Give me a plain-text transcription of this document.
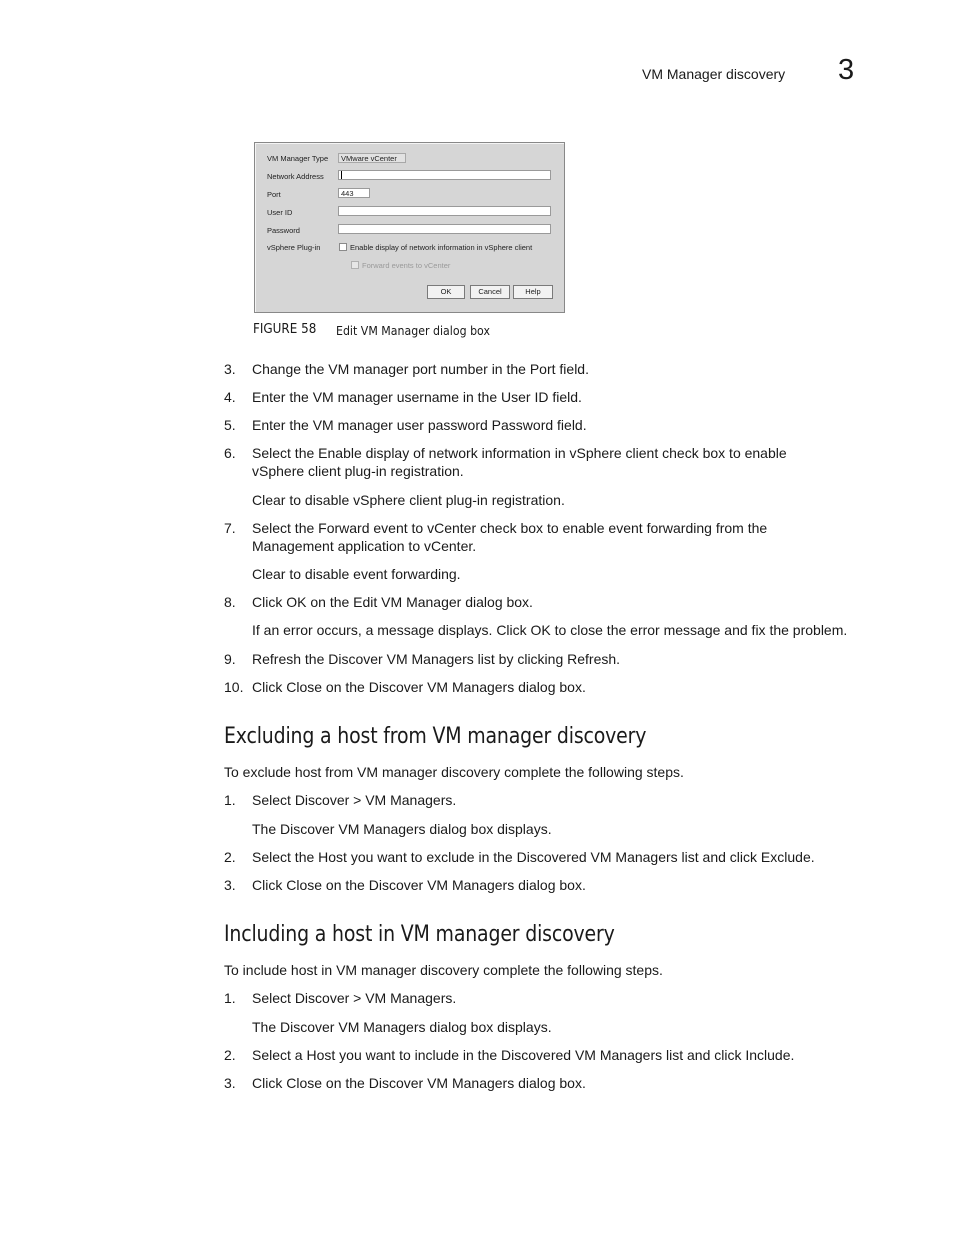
VM Manager discovery 3
VM Manager Type	VMware vCenter
Network Address
Port	443
User ID
Password
vSphere Plug-in	Enable display of network information in vSphere client
Forward events to vCenter
OK	Cancel	Help
FIGURE 58 Edit VM Manager dialog box
3. Change the VM manager port number in the Port field.
4. Enter the VM manager username in the User ID field.
5. Enter the VM manager user password Password field.
6. Select the Enable display of network information in vSphere client check box to enable
vSphere client plug-in registration.
Clear to disable vSphere client plug-in registration.
7. Select the Forward event to vCenter check box to enable event forwarding from the
Management application to vCenter.
Clear to disable event forwarding.
8. Click OK on the Edit VM Manager dialog box.
If an error occurs, a message displays. Click OK to close the error message and fix the problem.
9. Refresh the Discover VM Managers list by clicking Refresh.
10. Click Close on the Discover VM Managers dialog box.
Excluding a host from VM manager discovery
To exclude host from VM manager discovery complete the following steps.
1. Select Discover > VM Managers.
The Discover VM Managers dialog box displays.
2. Select the Host you want to exclude in the Discovered VM Managers list and click Exclude.
3. Click Close on the Discover VM Managers dialog box.
Including a host in VM manager discovery
To include host in VM manager discovery complete the following steps.
1. Select Discover > VM Managers.
The Discover VM Managers dialog box displays.
2. Select a Host you want to include in the Discovered VM Managers list and click Include.
3. Click Close on the Discover VM Managers dialog box.
